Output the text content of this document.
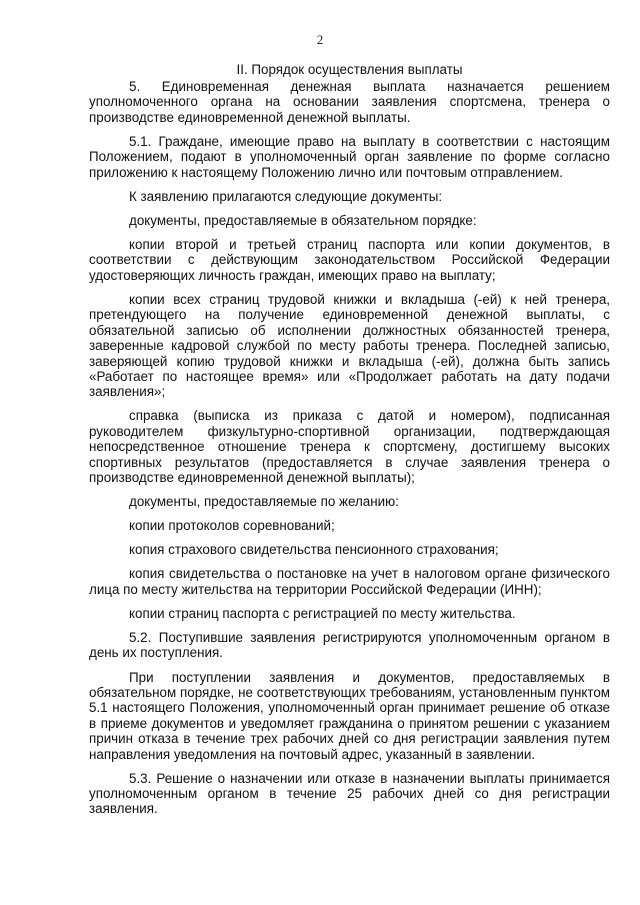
2
II. Порядок осуществления выплаты

5. Единовременная денежная выплата назначается решением уполномоченного органа на основании заявления спортсмена, тренера о производстве единовременной денежной выплаты.

5.1. Граждане, имеющие право на выплату в соответствии с настоящим Положением, подают в уполномоченный орган заявление по форме согласно приложению к настоящему Положению лично или почтовым отправлением.

К заявлению прилагаются следующие документы:

документы, предоставляемые в обязательном порядке:

копии второй и третьей страниц паспорта или копии документов, в соответствии с действующим законодательством Российской Федерации удостоверяющих личность граждан, имеющих право на выплату;

копии всех страниц трудовой книжки и вкладыша (-ей) к ней тренера, претендующего на получение единовременной денежной выплаты, с обязательной записью об исполнении должностных обязанностей тренера, заверенные кадровой службой по месту работы тренера. Последней записью, заверяющей копию трудовой книжки и вкладыша (-ей), должна быть запись «Работает по настоящее время» или «Продолжает работать на дату подачи заявления»;

справка (выписка из приказа с датой и номером), подписанная руководителем физкультурно-спортивной организации, подтверждающая непосредственное отношение тренера к спортсмену, достигшему высоких спортивных результатов (предоставляется в случае заявления тренера о производстве единовременной денежной выплаты);

документы, предоставляемые по желанию:

копии протоколов соревнований;

копия страхового свидетельства пенсионного страхования;

копия свидетельства о постановке на учет в налоговом органе физического лица по месту жительства на территории Российской Федерации (ИНН);

копии страниц паспорта с регистрацией по месту жительства.

5.2. Поступившие заявления регистрируются уполномоченным органом в день их поступления.

При поступлении заявления и документов, предоставляемых в обязательном порядке, не соответствующих требованиям, установленным пунктом 5.1 настоящего Положения, уполномоченный орган принимает решение об отказе в приеме документов и уведомляет гражданина о принятом решении с указанием причин отказа в течение трех рабочих дней со дня регистрации заявления путем направления уведомления на почтовый адрес, указанный в заявлении.

5.3. Решение о назначении или отказе в назначении выплаты принимается уполномоченным органом в течение 25 рабочих дней со дня регистрации заявления.
